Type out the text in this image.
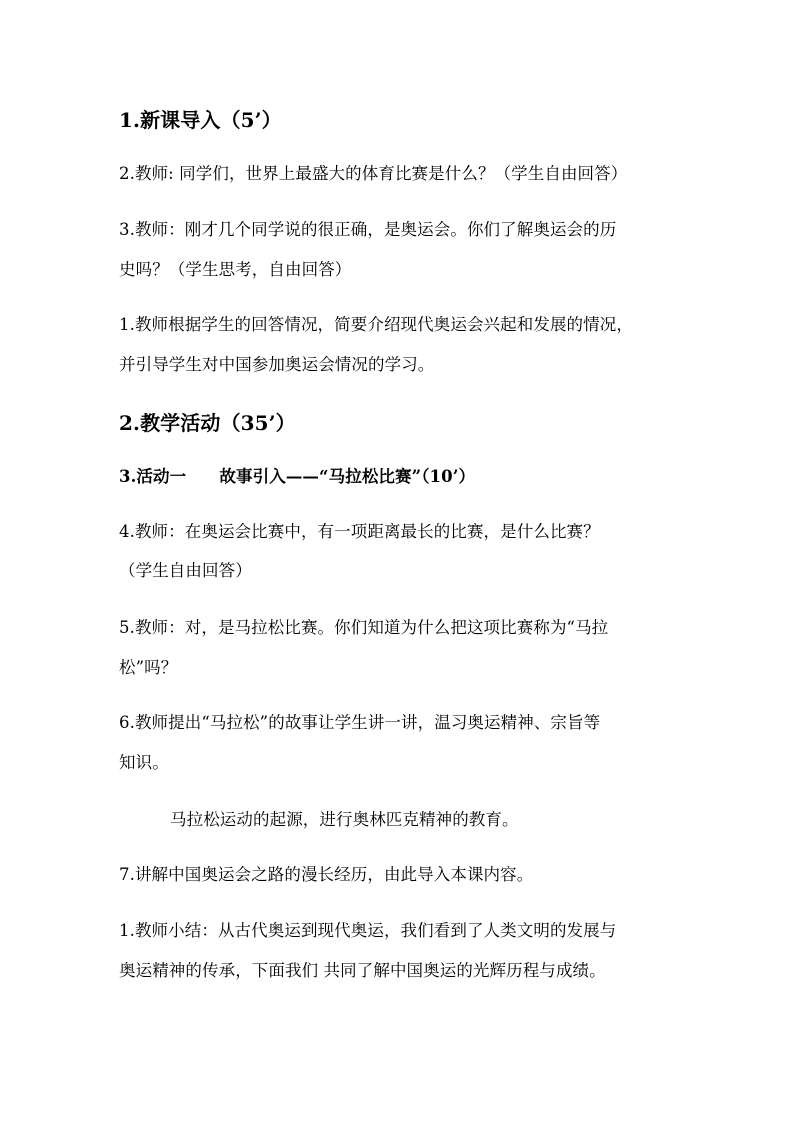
1.新课导入（5’）
2.教师: 同学们，世界上最盛大的体育比赛是什么？（学生自由回答）
3.教师：刚才几个同学说的很正确，是奥运会。你们了解奥运会的历
史吗？（学生思考，自由回答）
1.教师根据学生的回答情况，简要介绍现代奥运会兴起和发展的情况，
并引导学生对中国参加奥运会情况的学习。
2.教学活动（35’）
3.活动一　　故事引入——“马拉松比赛”（10’）
4.教师：在奥运会比赛中，有一项距离最长的比赛，是什么比赛？
（学生自由回答）
5.教师：对，是马拉松比赛。你们知道为什么把这项比赛称为“马拉
松”吗？
6.教师提出“马拉松”的故事让学生讲一讲，温习奥运精神、宗旨等
知识。
马拉松运动的起源，进行奥林匹克精神的教育。
7.讲解中国奥运会之路的漫长经历，由此导入本课内容。
1.教师小结：从古代奥运到现代奥运，我们看到了人类文明的发展与
奥运精神的传承，下面我们 共同了解中国奥运的光辉历程与成绩。
